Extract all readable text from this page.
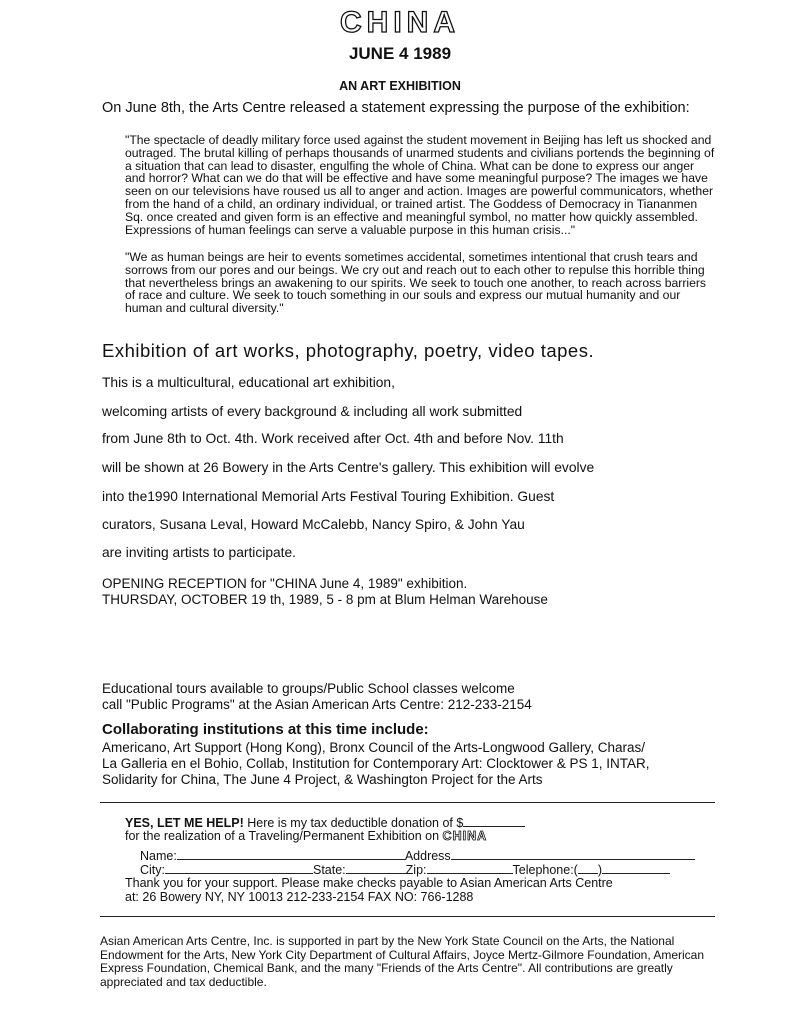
CHINA
JUNE 4 1989
AN ART EXHIBITION
On June 8th, the Arts Centre released a statement expressing the purpose of the exhibition:
"The spectacle of deadly military force used against the student movement in Beijing has left us shocked and outraged. The brutal killing of perhaps thousands of unarmed students and civilians portends the beginning of a situation that can lead to disaster, engulfing the whole of China. What can be done to express our anger and horror? What can we do that will be effective and have some meaningful purpose? The images we have seen on our televisions have roused us all to anger and action. Images are powerful communicators, whether from the hand of a child, an ordinary individual, or trained artist. The Goddess of Democracy in Tiananmen Sq. once created and given form is an effective and meaningful symbol, no matter how quickly assembled. Expressions of human feelings can serve a valuable purpose in this human crisis..."
"We as human beings are heir to events sometimes accidental, sometimes intentional that crush tears and sorrows from our pores and our beings. We cry out and reach out to each other to repulse this horrible thing that nevertheless brings an awakening to our spirits. We seek to touch one another, to reach across barriers of race and culture. We seek to touch something in our souls and express our mutual humanity and our human and cultural diversity."
Exhibition of art works, photography, poetry, video tapes.
This is a multicultural, educational art exhibition,
welcoming artists of every background & including all work submitted
from June 8th to Oct. 4th. Work received after Oct. 4th and before Nov. 11th
will be shown at 26 Bowery in the Arts Centre's gallery. This exhibition will evolve
into the1990 International Memorial Arts Festival Touring Exhibition. Guest
curators, Susana Leval, Howard McCalebb, Nancy Spiro, & John Yau
are inviting artists to participate.
OPENING RECEPTION for "CHINA June 4, 1989" exhibition.
THURSDAY, OCTOBER 19 th, 1989, 5 - 8 pm at Blum Helman Warehouse
Educational tours available to groups/Public School classes welcome
call "Public Programs" at the Asian American Arts Centre: 212-233-2154
Collaborating institutions at this time include:
Americano, Art Support (Hong Kong), Bronx Council of the Arts-Longwood Gallery, Charas/
La Galleria en el Bohio, Collab, Institution for Contemporary Art: Clocktower & PS 1, INTAR,
Solidarity for China, The June 4 Project, & Washington Project for the Arts
YES, LET ME HELP! Here is my tax deductible donation of $
for the realization of a Traveling/Permanent Exhibition on CHINA
Name:	Address
City:	State:	Zip:	Telephone:( )
Thank you for your support. Please make checks payable to Asian American Arts Centre
at: 26 Bowery NY, NY 10013 212-233-2154 FAX NO: 766-1288
Asian American Arts Centre, Inc. is supported in part by the New York State Council on the Arts, the National Endowment for the Arts, New York City Department of Cultural Affairs, Joyce Mertz-Gilmore Foundation, American Express Foundation, Chemical Bank, and the many "Friends of the Arts Centre". All contributions are greatly appreciated and tax deductible.
